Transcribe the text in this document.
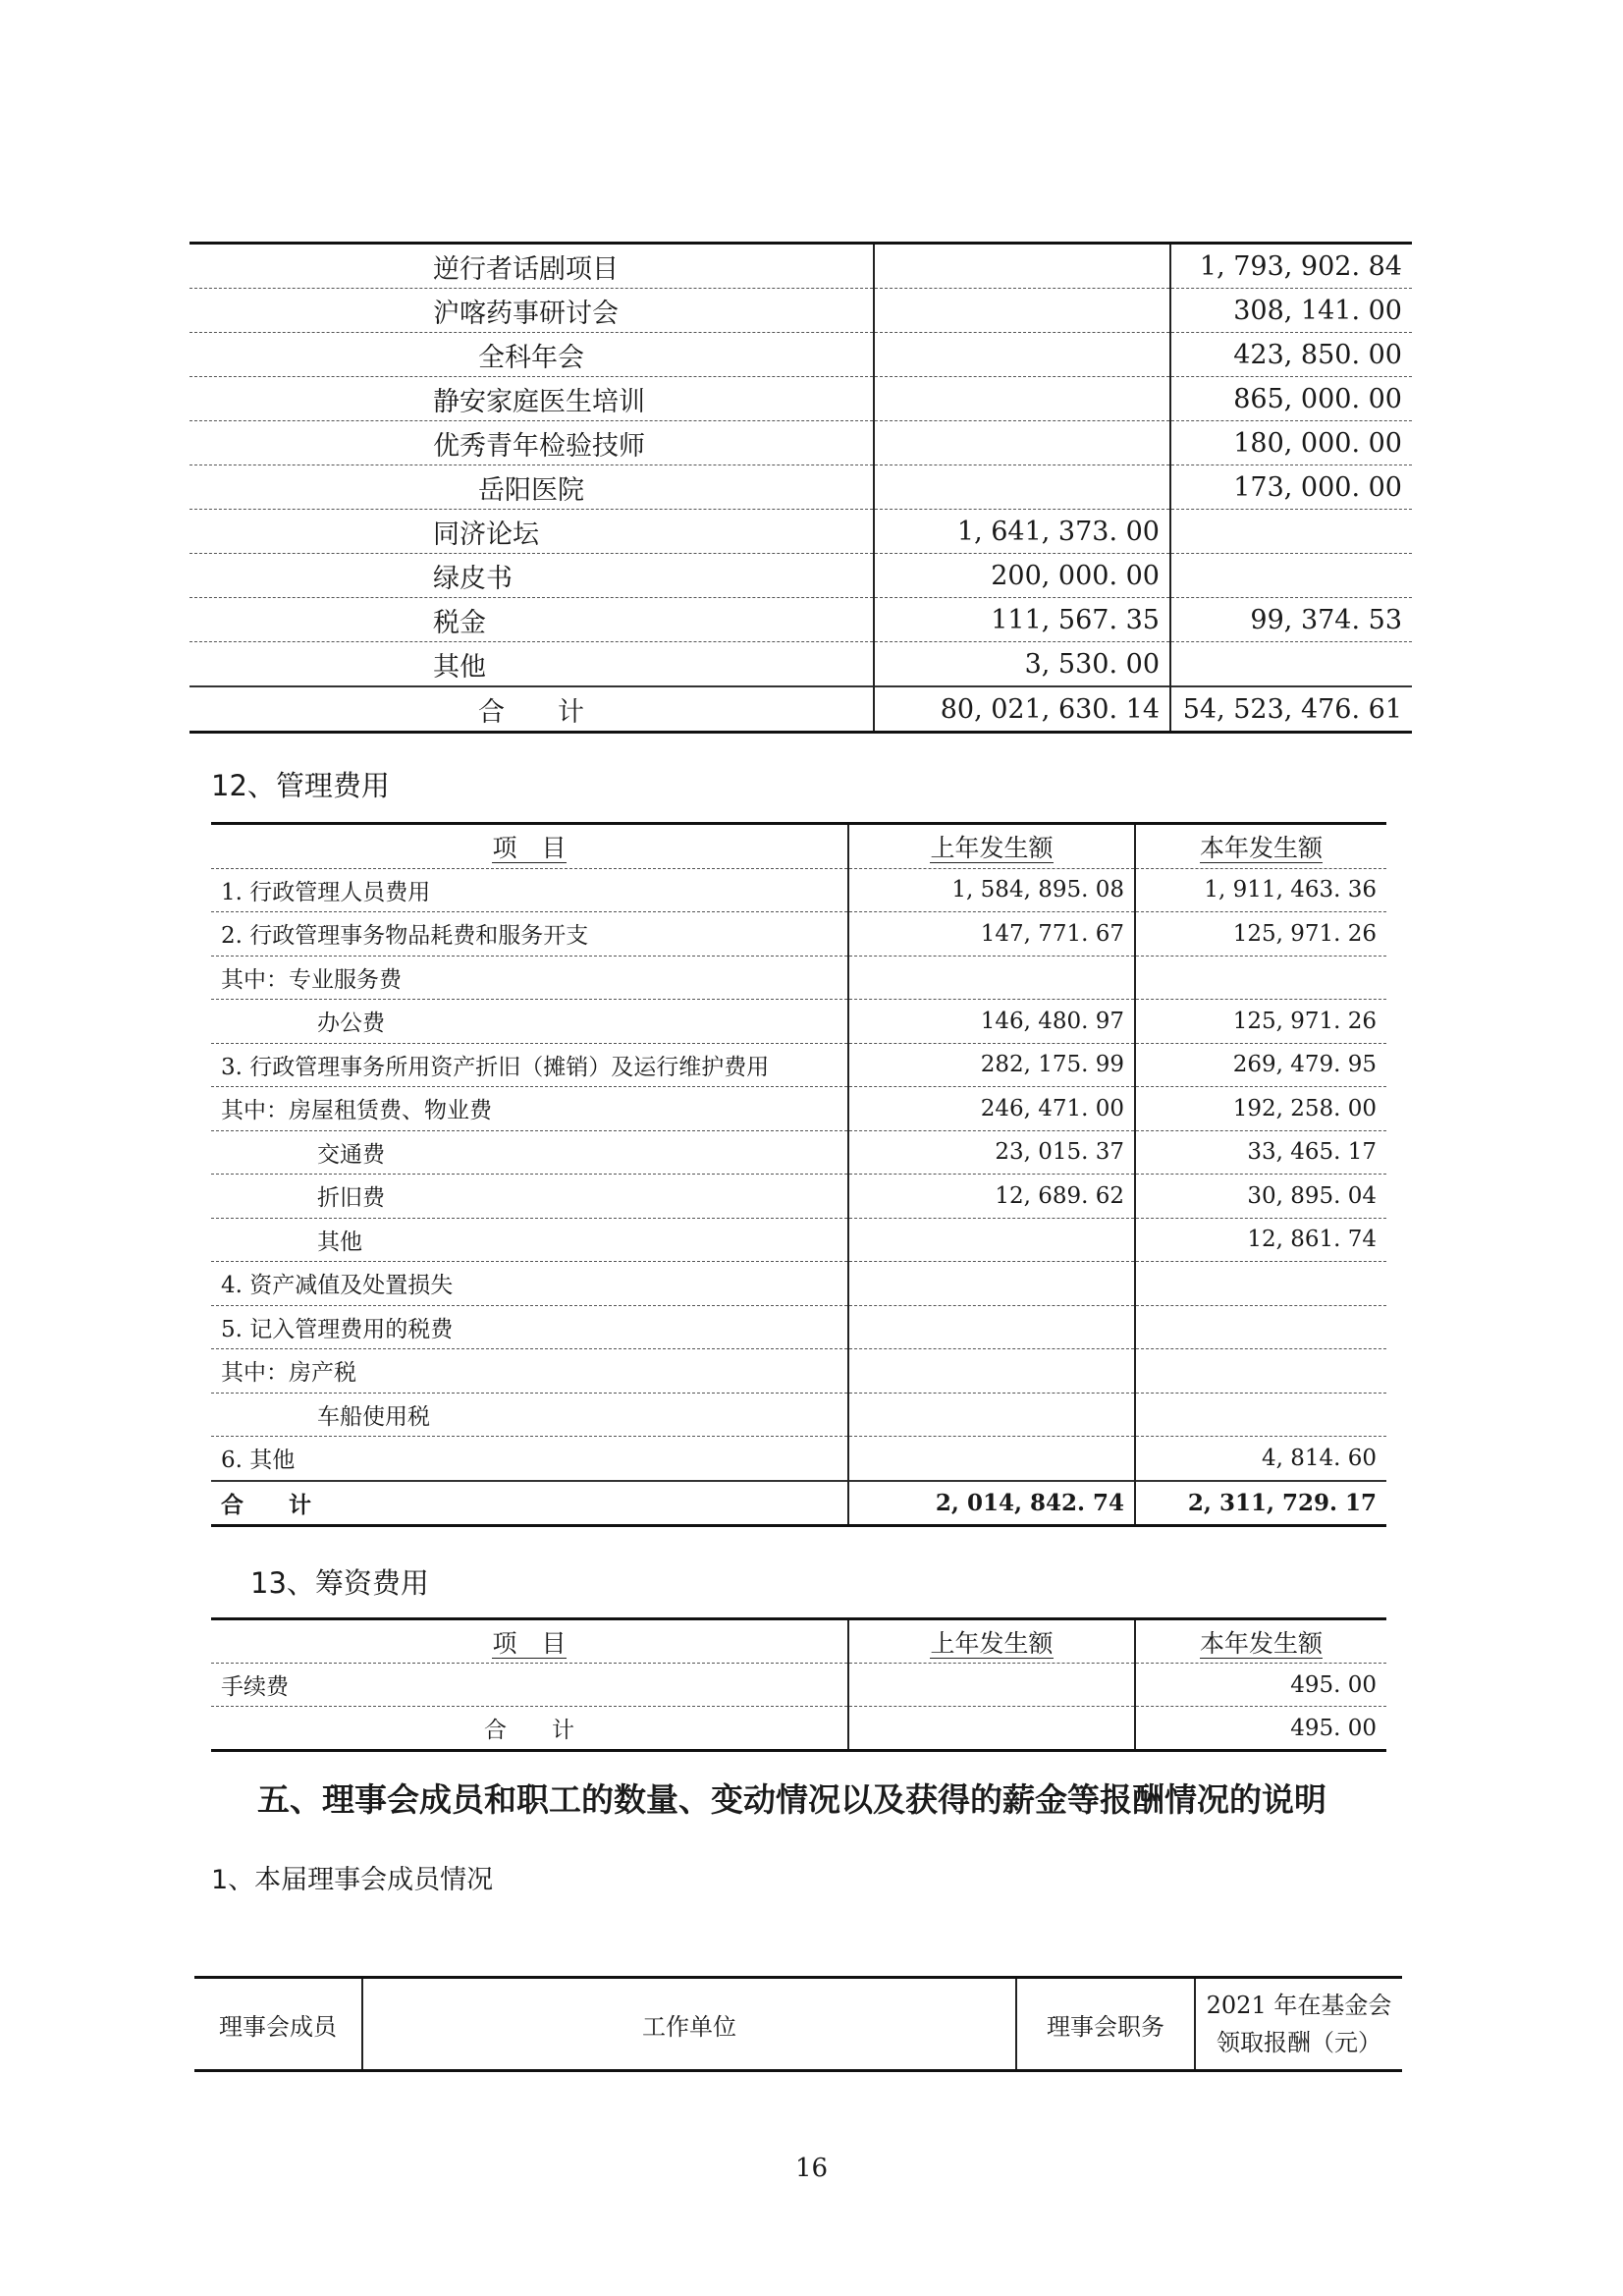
逆行者话剧项目		1, 793, 902. 84
沪喀药事研讨会		308, 141. 00
全科年会		423, 850. 00
静安家庭医生培训		865, 000. 00
优秀青年检验技师		180, 000. 00
岳阳医院		173, 000. 00
同济论坛	1, 641, 373. 00	
绿皮书	200, 000. 00	
税金	111, 567. 35	99, 374. 53
其他	3, 530. 00	
合　　计	80, 021, 630. 14	54, 523, 476. 61
12、管理费用
项　目	上年发生额	本年发生额
1. 行政管理人员费用	1, 584, 895. 08	1, 911, 463. 36
2. 行政管理事务物品耗费和服务开支	147, 771. 67	125, 971. 26
其中：专业服务费		
办公费	146, 480. 97	125, 971. 26
3. 行政管理事务所用资产折旧（摊销）及运行维护费用	282, 175. 99	269, 479. 95
其中：房屋租赁费、物业费	246, 471. 00	192, 258. 00
交通费	23, 015. 37	33, 465. 17
折旧费	12, 689. 62	30, 895. 04
其他		12, 861. 74
4. 资产减值及处置损失		
5. 记入管理费用的税费		
其中：房产税		
车船使用税		
6. 其他		4, 814. 60
合　　计	2, 014, 842. 74	2, 311, 729. 17
13、筹资费用
项　目	上年发生额	本年发生额
手续费		495. 00
合　　计		495. 00
五、理事会成员和职工的数量、变动情况以及获得的薪金等报酬情况的说明
1、本届理事会成员情况
理事会成员	工作单位	理事会职务	2021 年在基金会领取报酬（元）
16
